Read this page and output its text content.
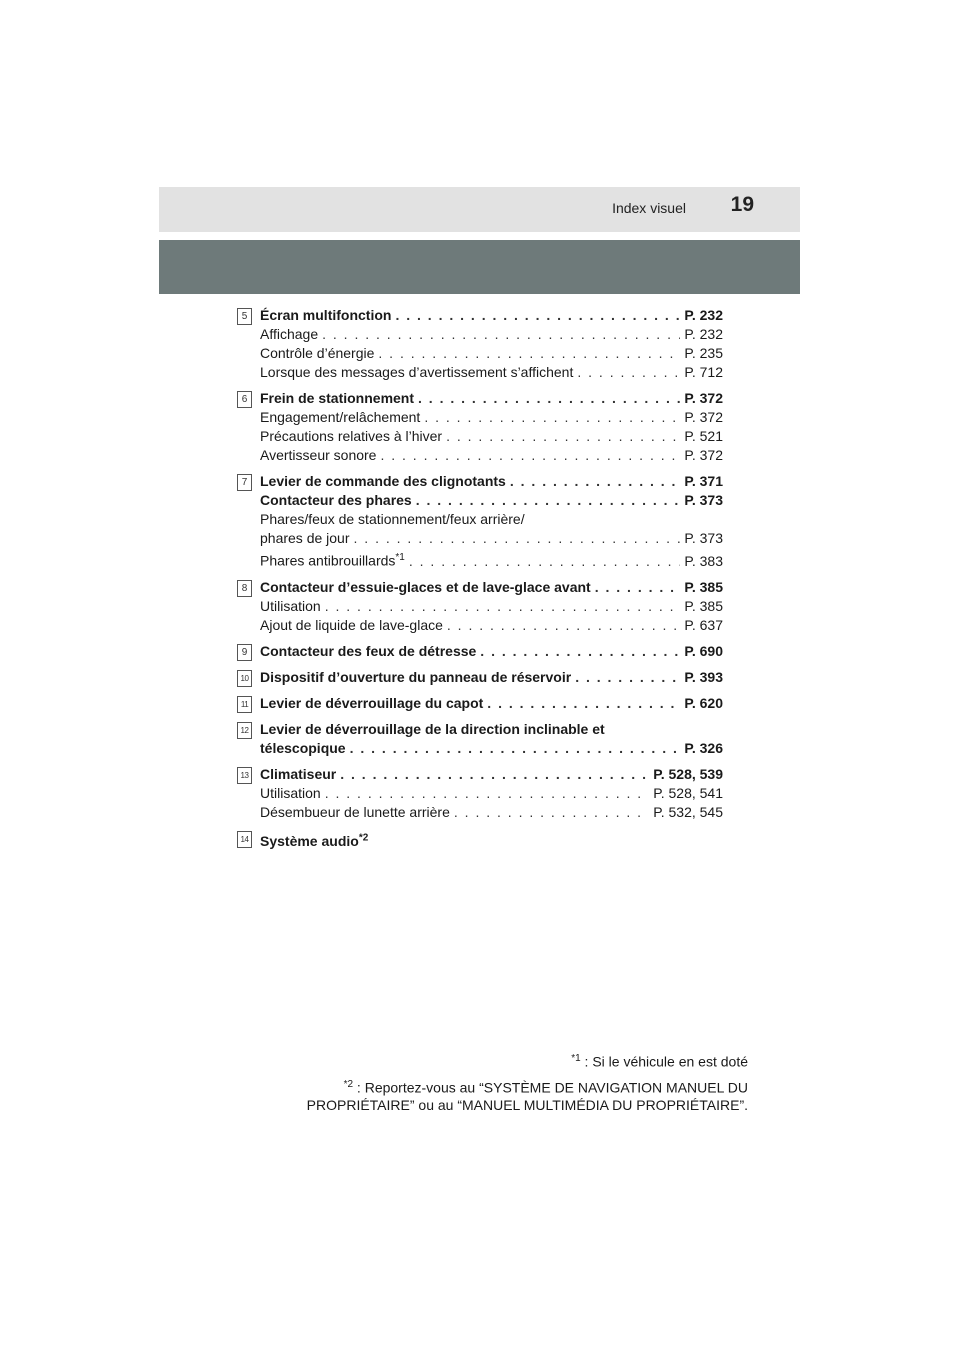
Index visuel 19
5 Écran multifonction . . .	P. 232
Affichage . . .	P. 232
Contrôle d’énergie . . .	P. 235
Lorsque des messages d’avertissement s’affichent . . .	P. 712
6 Frein de stationnement . . .	P. 372
Engagement/relâchement . . .	P. 372
Précautions relatives à l’hiver . . .	P. 521
Avertisseur sonore . . .	P. 372
7 Levier de commande des clignotants . . .	P. 371
Contacteur des phares . . .	P. 373
Phares/feux de stationnement/feux arrière/
phares de jour . . .	P. 373
Phares antibrouillards$^{*1}$ . . .	P. 383
8 Contacteur d’essuie-glaces et de lave-glace avant . . .	P. 385
Utilisation . . .	P. 385
Ajout de liquide de lave-glace . . .	P. 637
9 Contacteur des feux de détresse . . .	P. 690
10 Dispositif d’ouverture du panneau de réservoir . . .	P. 393
11 Levier de déverrouillage du capot . . .	P. 620
12 Levier de déverrouillage de la direction inclinable et
télescopique . . .	P. 326
13 Climatiseur . . .	P. 528, 539
Utilisation . . .	P. 528, 541
Désembueur de lunette arrière . . .	P. 532, 545
14 Système audio$^{*2}$
$^{*1}$ : Si le véhicule en est doté
$^{*2}$ : Reportez-vous au “SYSTÈME DE NAVIGATION MANUEL DU
PROPRIÉTAIRE” ou au “MANUEL MULTIMÉDIA DU PROPRIÉTAIRE”.
